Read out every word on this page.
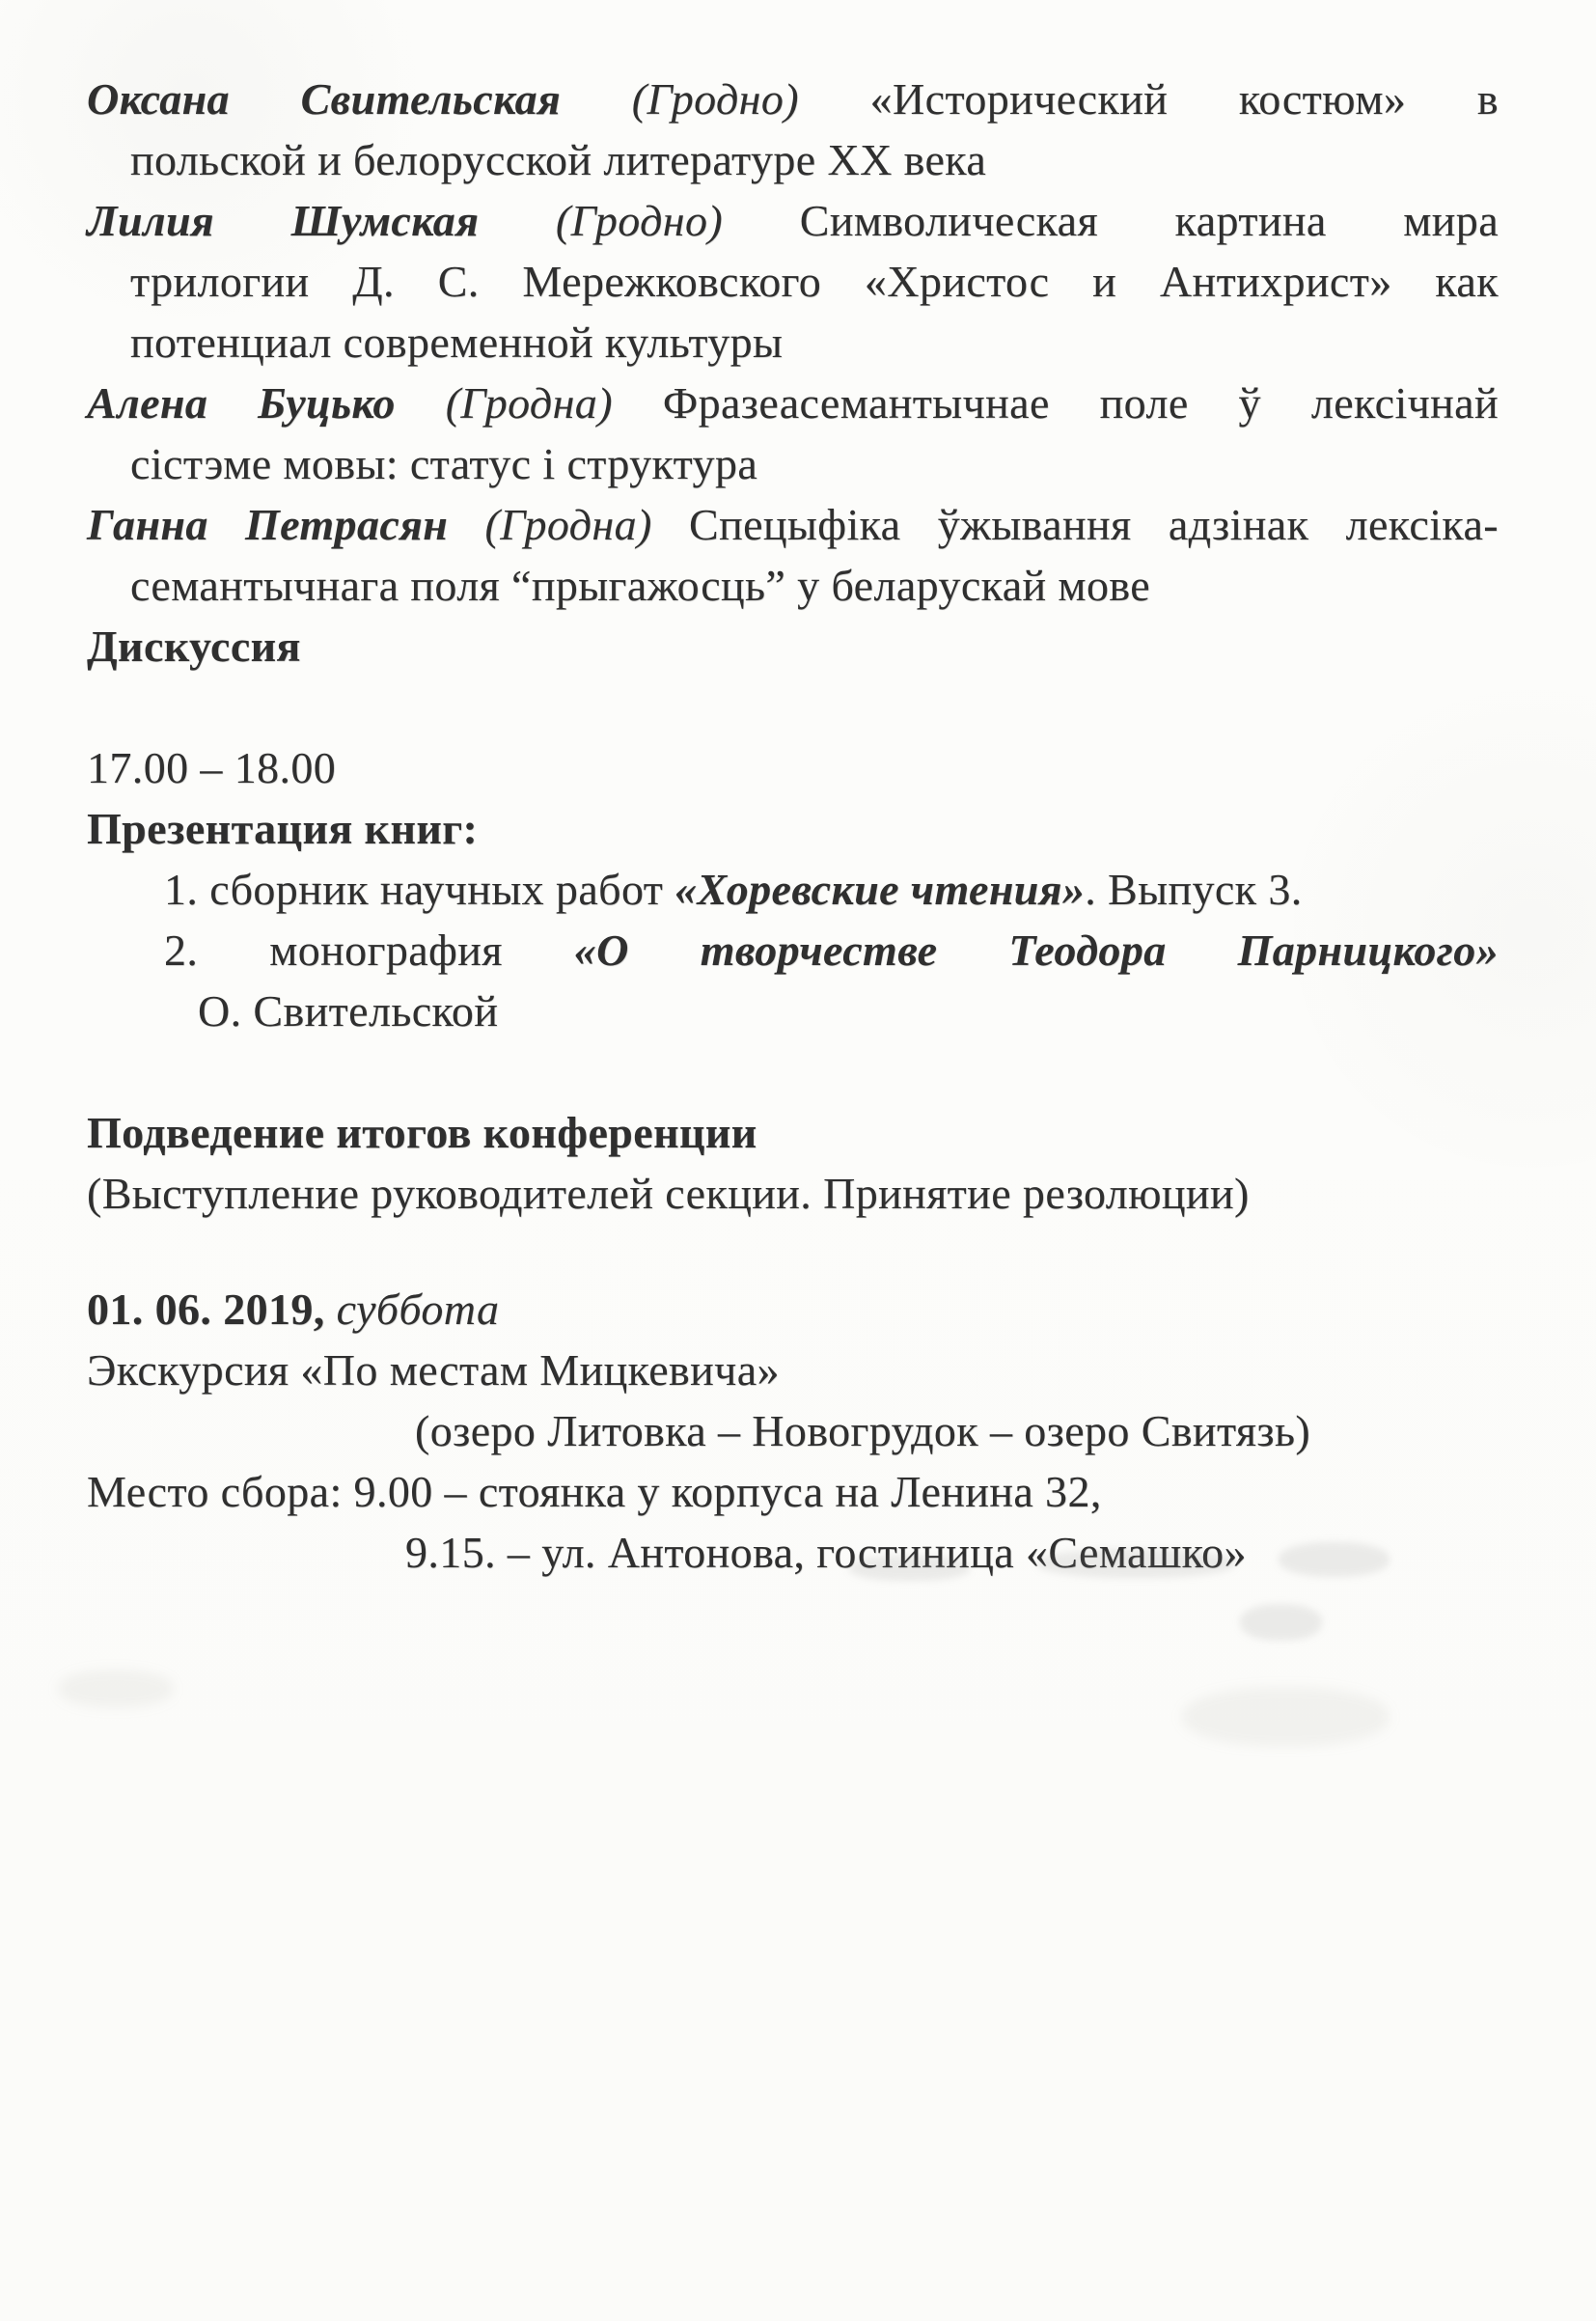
Оксана Свительская (Гродно) «Исторический костюм» в
польской и белорусской литературе XX века
Лилия Шумская (Гродно) Символическая картина мира
трилогии Д. С. Мережковского «Христос и Антихрист» как
потенциал современной культуры
Алена Буцько (Гродна) Фразеасемантычнае поле ў лексічнай
сістэме мовы: статус і структура
Ганна Петрасян (Гродна) Спецыфіка ўжывання адзінак лексіка-
семантычнага поля “прыгажосць” у беларускай мове
Дискуссия
17.00 – 18.00
Презентация книг:
1. сборник научных работ «Хоревские чтения». Выпуск 3.
2. монография «О творчестве Теодора Парницкого»
О. Свительской
Подведение итогов конференции
(Выступление руководителей секции. Принятие резолюции)
01. 06. 2019, суббота
Экскурсия «По местам Мицкевича»
(озеро Литовка – Новогрудок – озеро Свитязь)
Место сбора: 9.00 – стоянка у корпуса на Ленина 32,
9.15. – ул. Антонова, гостиница «Семашко»
